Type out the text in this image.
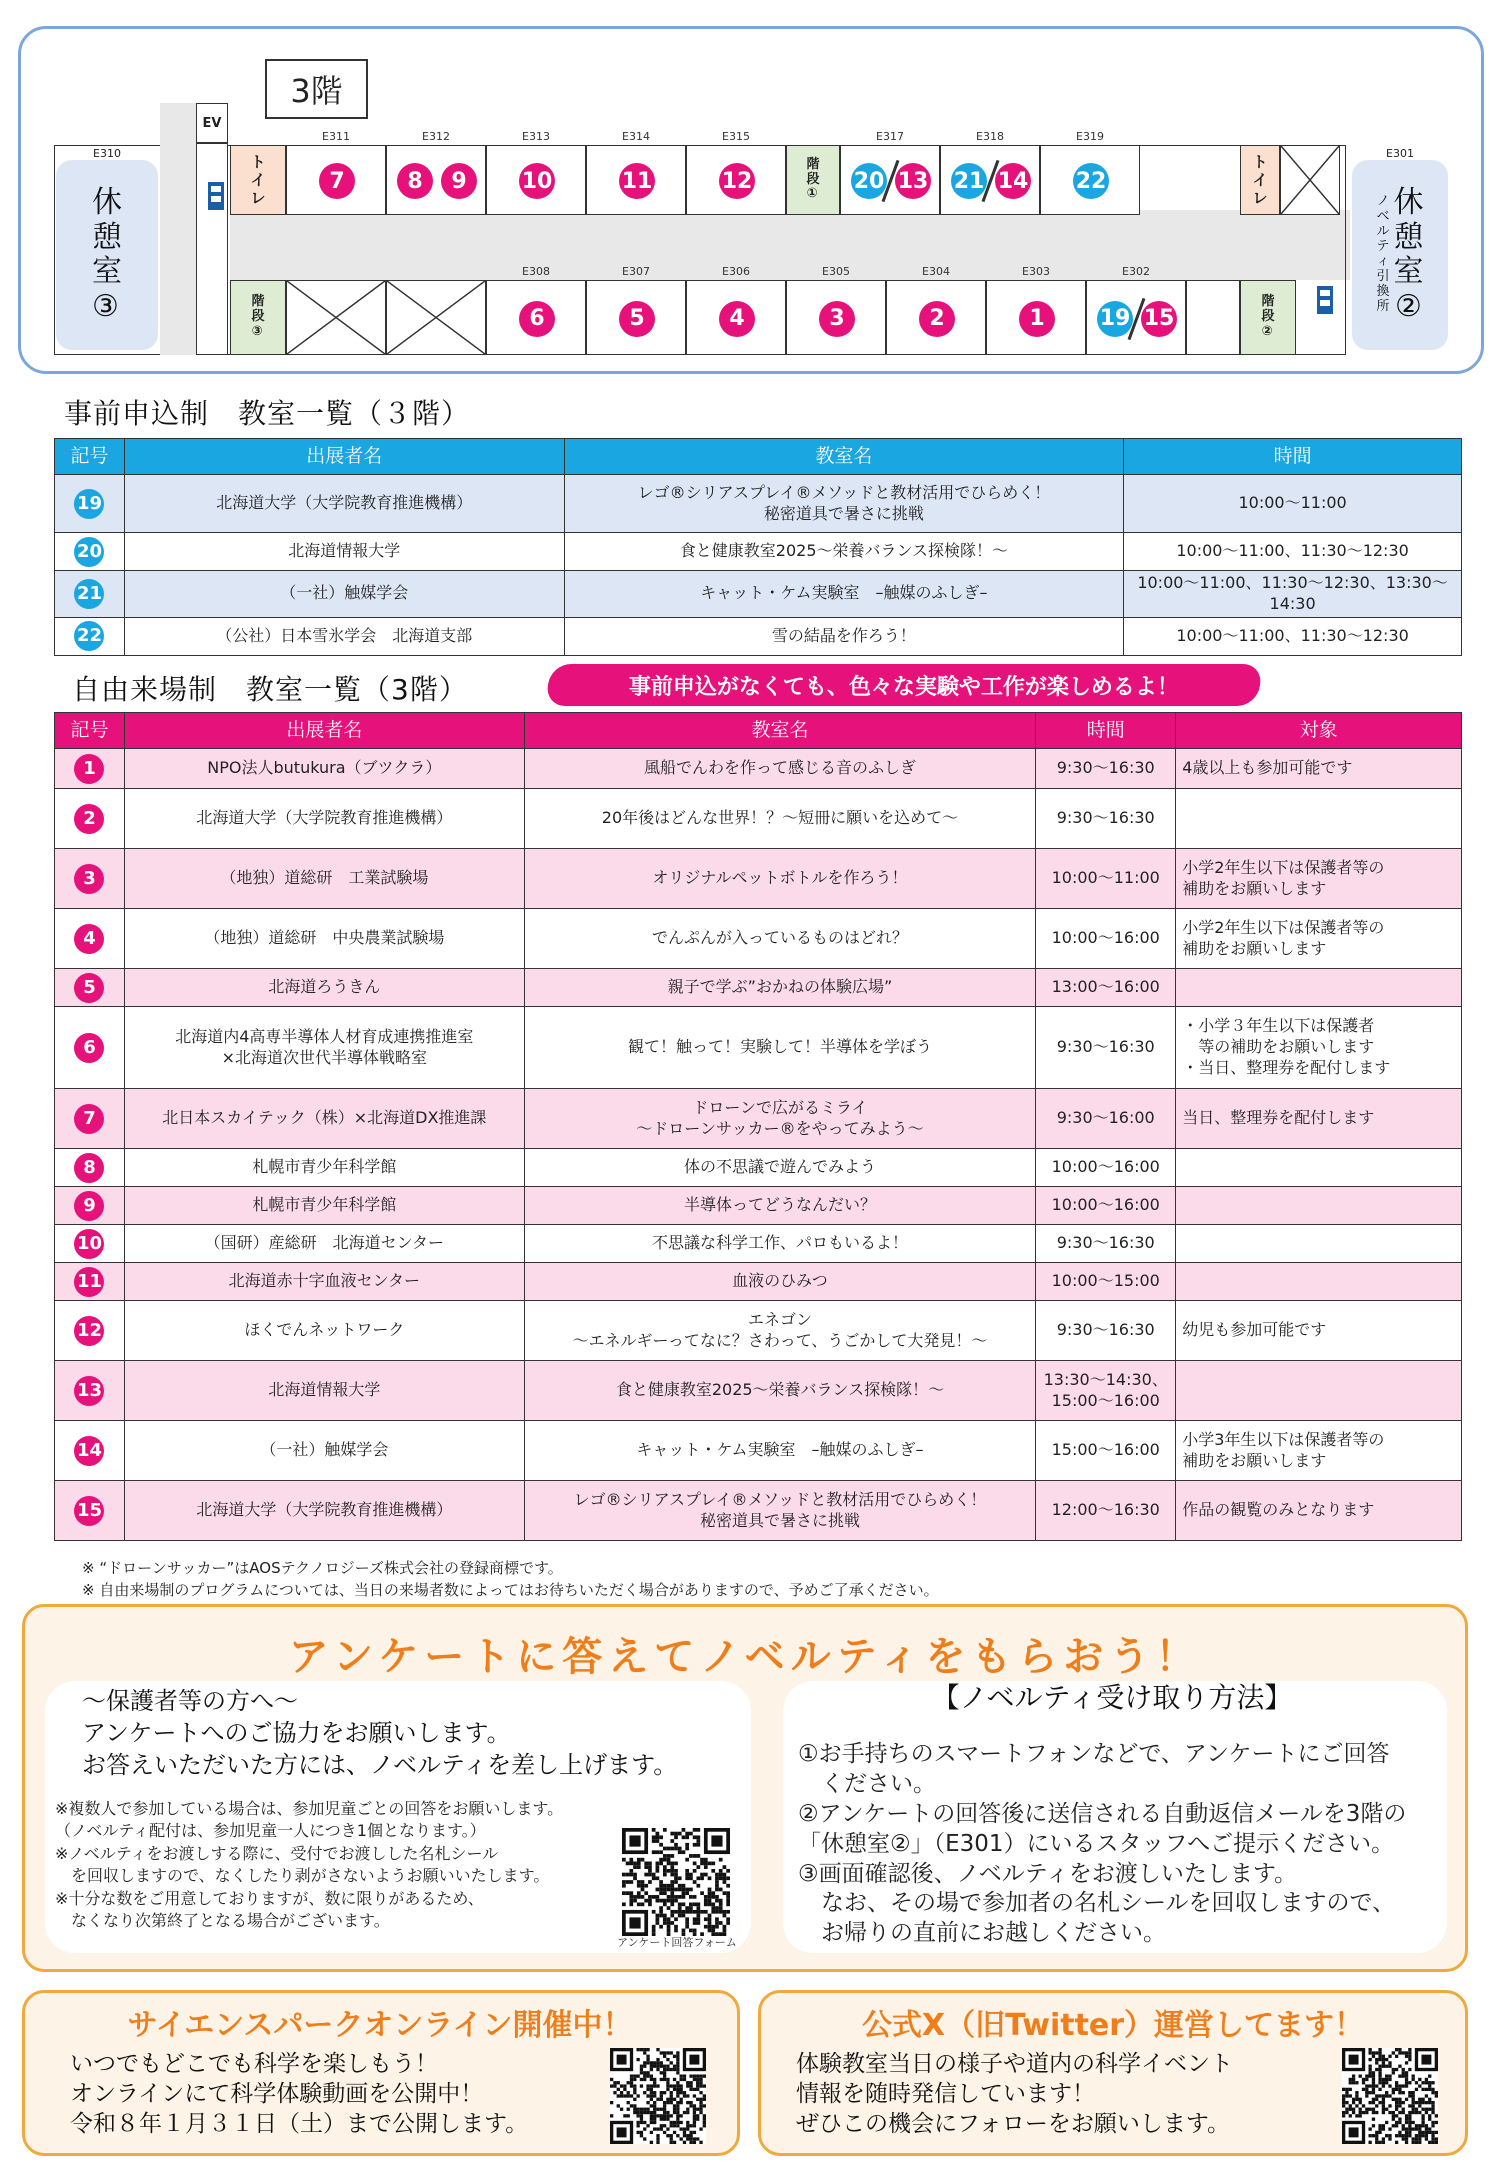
EV
休
憩
室
③
E310
ノ
ベ
ル
テ
ィ
引
換
所
休
憩
室
②
E301
E311
7
E312
8	9
E313
10
E314
11
E315
12
E317
20 13
E318
21 14
E319
22
ト
イ
レ
ト
イ
レ
階
段
①
階
段
②
階
段
③
E308
6
E307
5
E306
4
E305
3
E304
2
E303
1
E302
19 15
3階
事前申込制　教室一覧（３階）
記号	出展者名	教室名	時間
19	北海道大学（大学院教育推進機構）	レゴ®シリアスプレイ®メソッドと教材活用でひらめく！
秘密道具で暑さに挑戦	10:00～11:00
20	北海道情報大学	食と健康教室2025～栄養バランス探検隊！～	10:00～11:00、11:30～12:30
21	（一社）触媒学会	キャット・ケム実験室　–触媒のふしぎ–	10:00～11:00、11:30～12:30、13:30～14:30
22	（公社）日本雪氷学会　北海道支部	雪の結晶を作ろう！	10:00～11:00、11:30～12:30
自由来場制　教室一覧（3階）	事前申込がなくても、色々な実験や工作が楽しめるよ！
記号	出展者名	教室名	時間	対象
1	NPO法人butukura（ブツクラ）	風船でんわを作って感じる音のふしぎ	9:30～16:30	4歳以上も参加可能です
2	北海道大学（大学院教育推進機構）	20年後はどんな世界！？～短冊に願いを込めて～	9:30～16:30	
3	（地独）道総研　工業試験場	オリジナルペットボトルを作ろう！	10:00～11:00	小学2年生以下は保護者等の
補助をお願いします
4	（地独）道総研　中央農業試験場	でんぷんが入っているものはどれ？	10:00～16:00	小学2年生以下は保護者等の
補助をお願いします
5	北海道ろうきん	親子で学ぶ”おかねの体験広場”	13:00～16:00	
6	北海道内4高専半導体人材育成連携推進室
×北海道次世代半導体戦略室	観て！触って！実験して！半導体を学ぼう	9:30～16:30	・小学３年生以下は保護者
　等の補助をお願いします
・当日、整理券を配付します
7	北日本スカイテック（株）×北海道DX推進課	ドローンで広がるミライ
～ドローンサッカー®をやってみよう～	9:30～16:00	当日、整理券を配付します
8	札幌市青少年科学館	体の不思議で遊んでみよう	10:00～16:00	
9	札幌市青少年科学館	半導体ってどうなんだい？	10:00～16:00	
10	（国研）産総研　北海道センター	不思議な科学工作、パロもいるよ！	9:30～16:30	
11	北海道赤十字血液センター	血液のひみつ	10:00～15:00	
12	ほくでんネットワーク	エネゴン
～エネルギーってなに？さわって、うごかして大発見！～	9:30～16:30	幼児も参加可能です
13	北海道情報大学	食と健康教室2025～栄養バランス探検隊！～	13:30～14:30、
15:00～16:00	
14	（一社）触媒学会	キャット・ケム実験室　–触媒のふしぎ–	15:00～16:00	小学3年生以下は保護者等の
補助をお願いします
15	北海道大学（大学院教育推進機構）	レゴ®シリアスプレイ®メソッドと教材活用でひらめく！
秘密道具で暑さに挑戦	12:00～16:30	作品の観覧のみとなります
※ “ドローンサッカー”はAOSテクノロジーズ株式会社の登録商標です。
※ 自由来場制のプログラムについては、当日の来場者数によってはお待ちいただく場合がありますので、予めご了承ください。
アンケートに答えてノベルティをもらおう！
～保護者等の方へ～
アンケートへのご協力をお願いします。
お答えいただいた方には、ノベルティを差し上げます。
※複数人で参加している場合は、参加児童ごとの回答をお願いします。
（ノベルティ配付は、参加児童一人につき1個となります。）
※ノベルティをお渡しする際に、受付でお渡しした名札シール
　を回収しますので、なくしたり剥がさないようお願いいたします。
※十分な数をご用意しておりますが、数に限りがあるため、
　なくなり次第終了となる場合がございます。
アンケート回答フォーム
【ノベルティ受け取り方法】
①お手持ちのスマートフォンなどで、アンケートにご回答
　ください。
②アンケートの回答後に送信される自動返信メールを3階の
「休憩室②」（E301）にいるスタッフへご提示ください。
③画面確認後、ノベルティをお渡しいたします。
　なお、その場で参加者の名札シールを回収しますので、
　お帰りの直前にお越しください。
サイエンスパークオンライン開催中！
いつでもどこでも科学を楽しもう！
オンラインにて科学体験動画を公開中！
令和８年１月３１日（土）まで公開します。
公式X（旧Twitter）運営してます！
体験教室当日の様子や道内の科学イベント
情報を随時発信しています！
ぜひこの機会にフォローをお願いします。
